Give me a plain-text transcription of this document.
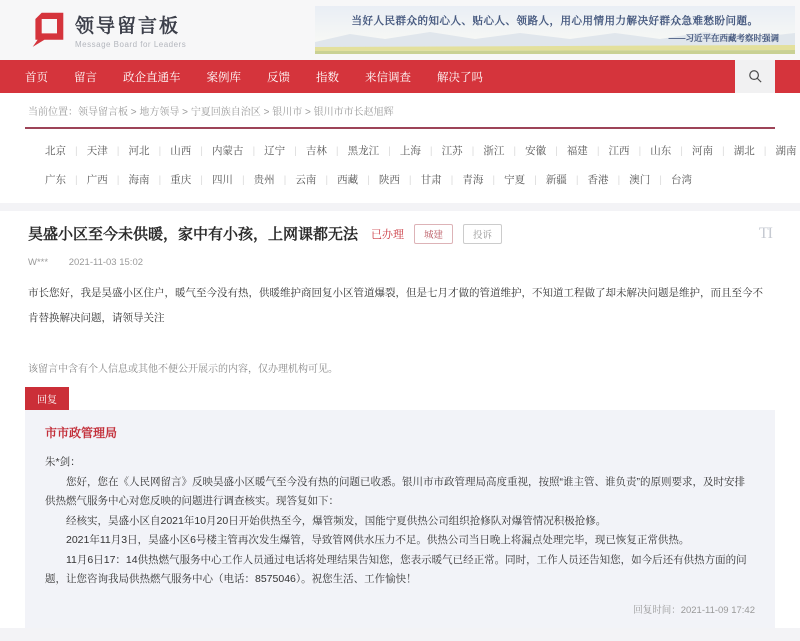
领导留言板
Message Board for Leaders
当好人民群众的知心人、贴心人、领路人，用心用情用力解决好群众急难愁盼问题。
——习近平在西藏考察时强调
首页 留言 政企直通车 案例库 反馈 指数 来信调查 解决了吗
当前位置： 领导留言板 > 地方领导 > 宁夏回族自治区 > 银川市 > 银川市市长赵旭辉
北京 | 天津 | 河北 | 山西 | 内蒙古 | 辽宁 | 吉林 | 黑龙江 | 上海 | 江苏 | 浙江 | 安徽 | 福建 | 江西 | 山东 | 河南 | 湖北 | 湖南
广东 | 广西 | 海南 | 重庆 | 四川 | 贵州 | 云南 | 西藏 | 陕西 | 甘肃 | 青海 | 宁夏 | 新疆 | 香港 | 澳门 | 台湾
昊盛小区至今未供暖，家中有小孩，上网课都无法 已办理	城建	投诉	TI
W*** 2021-11-03 15:02

市长您好，我是昊盛小区住户，暖气至今没有热，供暖维护商回复小区管道爆裂，但是七月才做的管道维护，不知道工程做了却未解决问题是维护，而且至今不肯替换解决问题，请领导关注

该留言中含有个人信息或其他不便公开展示的内容，仅办理机构可见。

回复
市市政管理局
朱*剑：

您好，您在《人民网留言》反映昊盛小区暖气至今没有热的问题已收悉。银川市市政管理局高度重视，按照“谁主管、谁负责”的原则要求，及时安排供热燃气服务中心对您反映的问题进行调查核实。现答复如下：

经核实，昊盛小区自2021年10月20日开始供热至今，爆管频发，国能宁夏供热公司组织抢修队对爆管情况积极抢修。

2021年11月3日，昊盛小区6号楼主管再次发生爆管，导致管网供水压力不足。供热公司当日晚上将漏点处理完毕，现已恢复正常供热。

11月6日17：14供热燃气服务中心工作人员通过电话将处理结果告知您，您表示暖气已经正常。同时，工作人员还告知您，如今后还有供热方面的问题，让您咨询我局供热燃气服务中心（电话：8575046）。祝您生活、工作愉快！

回复时间：2021-11-09 17:42
